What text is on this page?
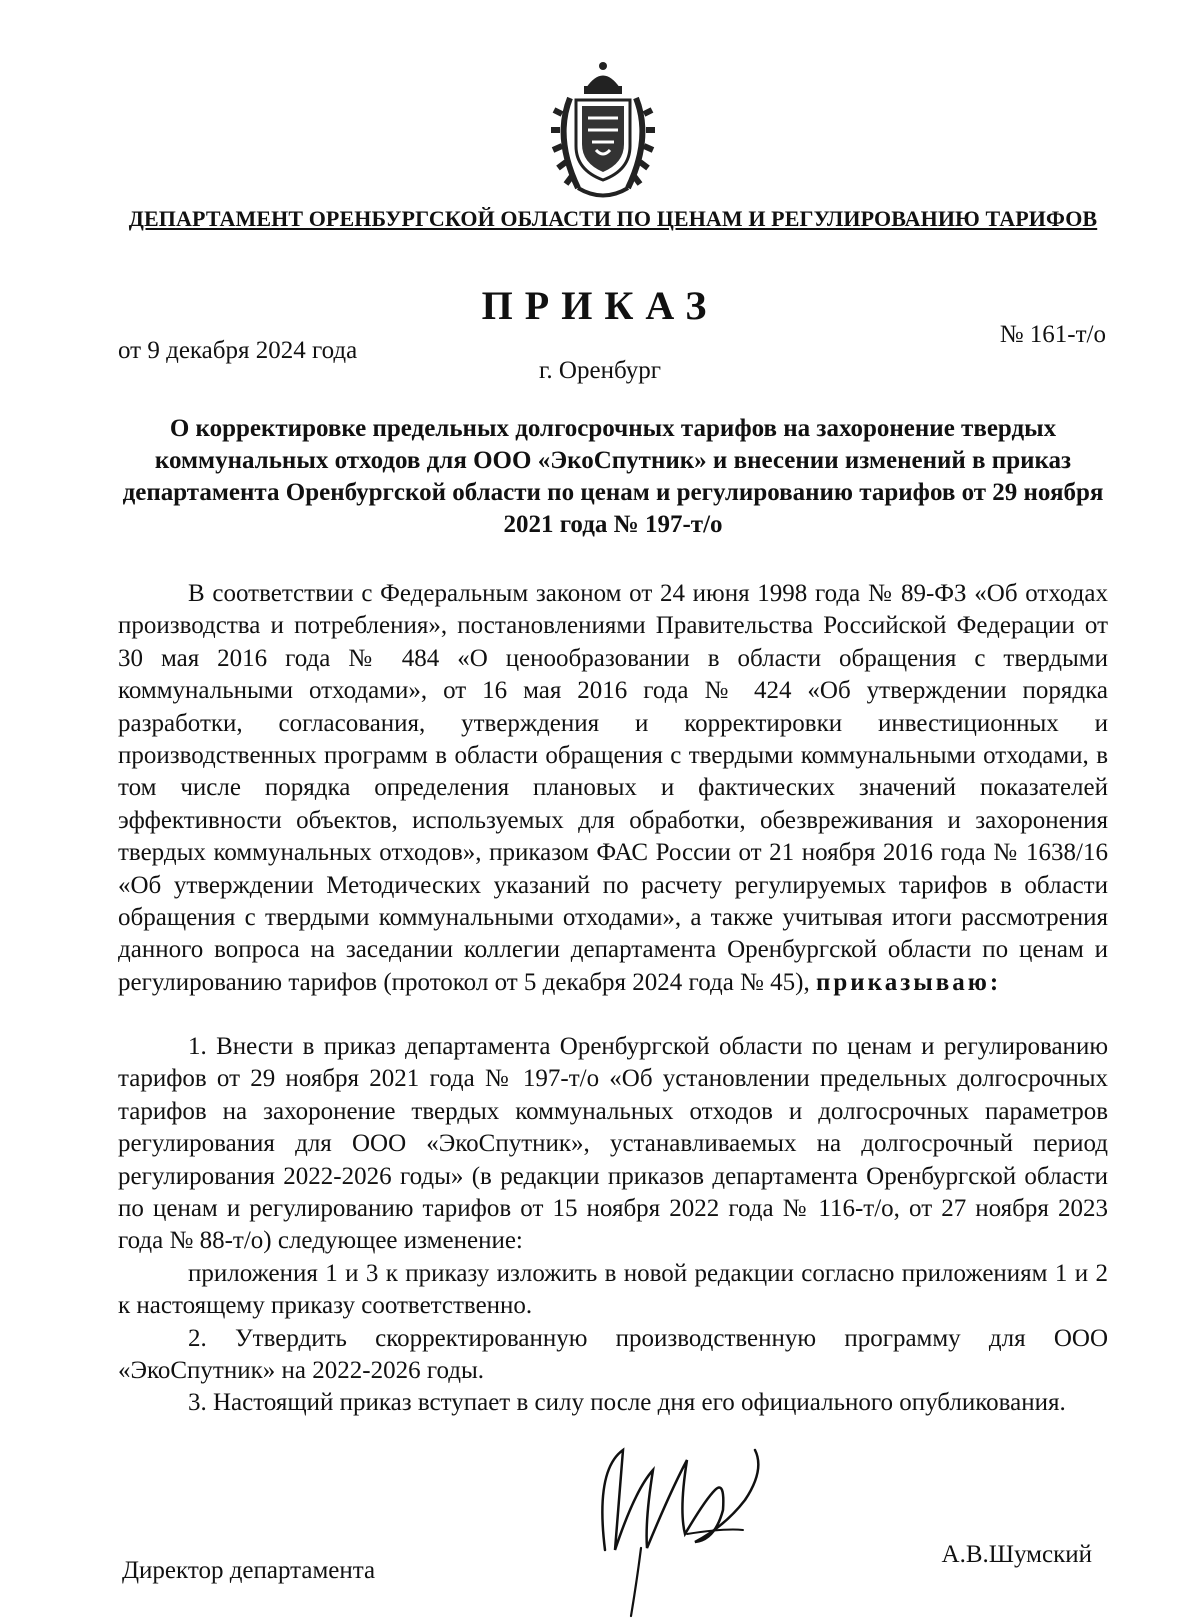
ДЕПАРТАМЕНТ ОРЕНБУРГСКОЙ ОБЛАСТИ ПО ЦЕНАМ И РЕГУЛИРОВАНИЮ ТАРИФОВ
ПРИКАЗ
от 9 декабря 2024 года
№ 161-т/о
г. Оренбург
О корректировке предельных долгосрочных тарифов на захоронение твердых коммунальных отходов для ООО «ЭкоСпутник» и внесении изменений в приказ департамента Оренбургской области по ценам и регулированию тарифов от 29 ноября 2021 года № 197-т/о

В соответствии с Федеральным законом от 24 июня 1998 года № 89-ФЗ «Об отходах производства и потребления», постановлениями Правительства Российской Федерации от 30 мая 2016 года № 484 «О ценообразовании в области обращения с твердыми коммунальными отходами», от 16 мая 2016 года № 424 «Об утверждении порядка разработки, согласования, утверждения и корректировки инвестиционных и производственных программ в области обращения с твердыми коммунальными отходами, в том числе порядка определения плановых и фактических значений показателей эффективности объектов, используемых для обработки, обезвреживания и захоронения твердых коммунальных отходов», приказом ФАС России от 21 ноября 2016 года № 1638/16 «Об утверждении Методических указаний по расчету регулируемых тарифов в области обращения с твердыми коммунальными отходами», а также учитывая итоги рассмотрения данного вопроса на заседании коллегии департамента Оренбургской области по ценам и регулированию тарифов (протокол от 5 декабря 2024 года № 45), приказываю:

1. Внести в приказ департамента Оренбургской области по ценам и регулированию тарифов от 29 ноября 2021 года № 197-т/о «Об установлении предельных долгосрочных тарифов на захоронение твердых коммунальных отходов и долгосрочных параметров регулирования для ООО «ЭкоСпутник», устанавливаемых на долгосрочный период регулирования 2022-2026 годы» (в редакции приказов департамента Оренбургской области по ценам и регулированию тарифов от 15 ноября 2022 года № 116-т/о, от 27 ноября 2023 года № 88-т/о) следующее изменение:

приложения 1 и 3 к приказу изложить в новой редакции согласно приложениям 1 и 2 к настоящему приказу соответственно.

2. Утвердить скорректированную производственную программу для ООО «ЭкоСпутник» на 2022-2026 годы.

3. Настоящий приказ вступает в силу после дня его официального опубликования.

Директор департамента
А.В.Шумский
